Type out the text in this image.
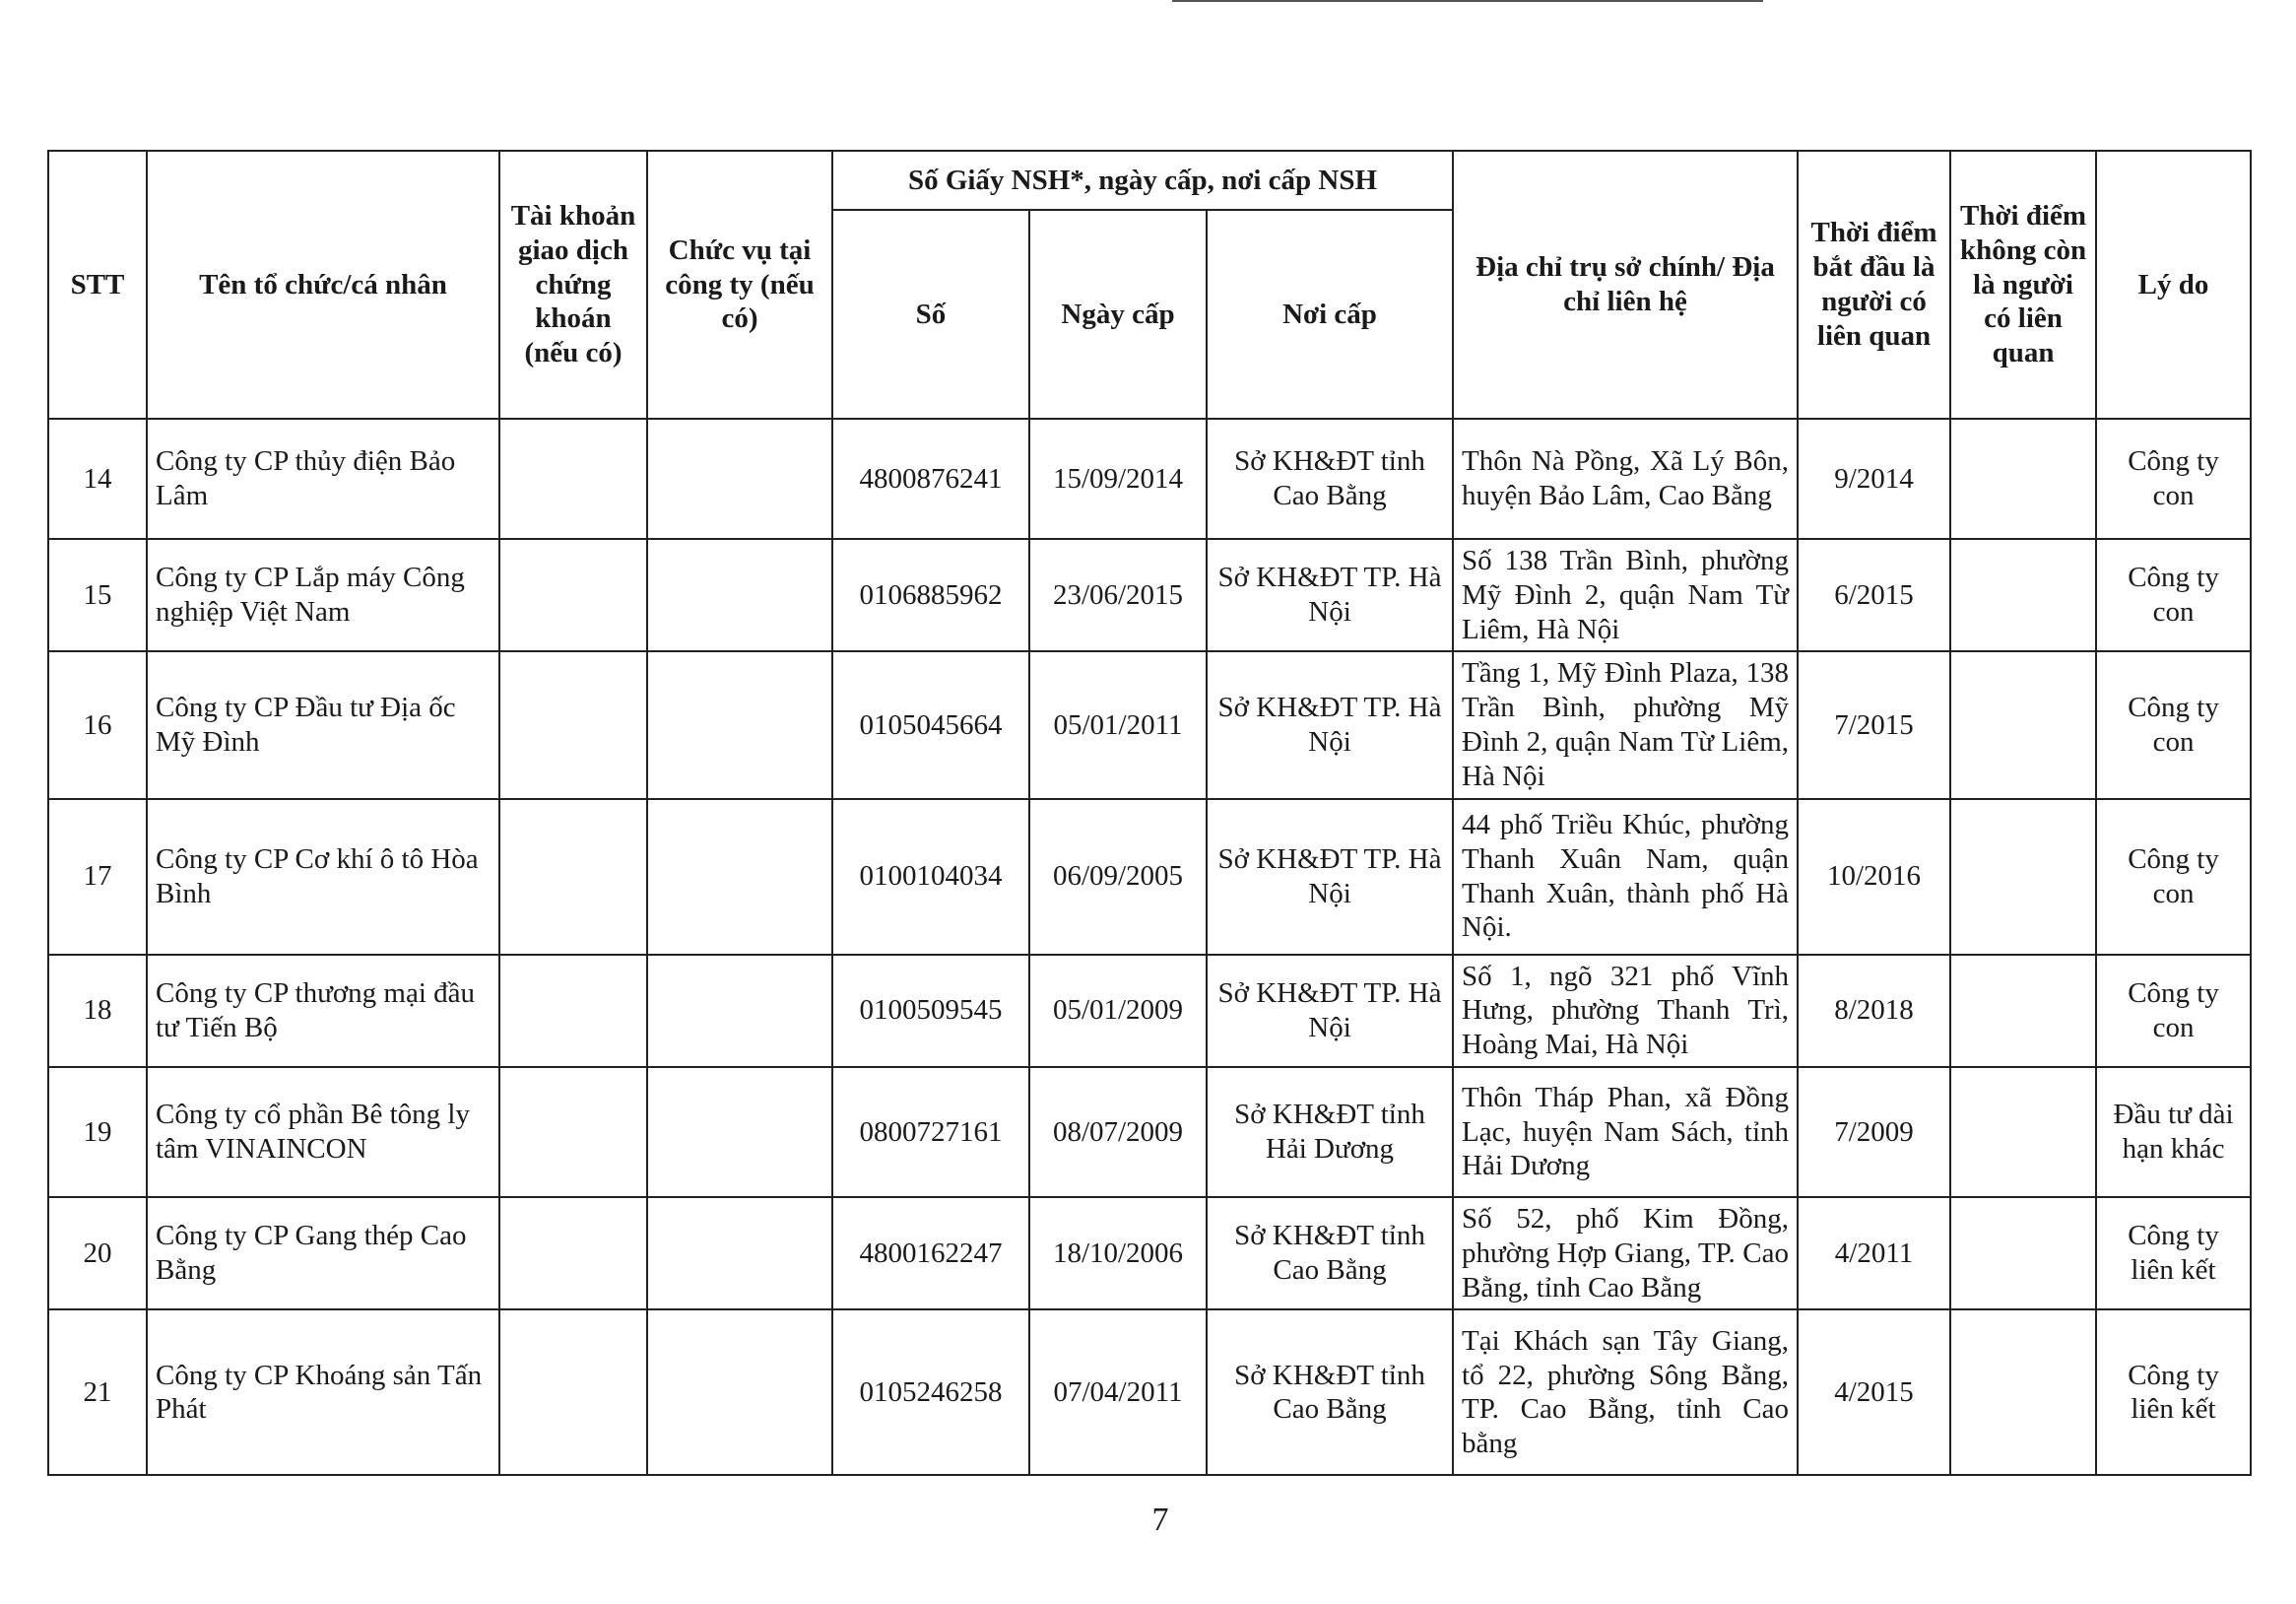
STT	Tên tổ chức/cá nhân	Tài khoản giao dịch chứng khoán (nếu có)	Chức vụ tại công ty (nếu có)	Số Giấy NSH*, ngày cấp, nơi cấp NSH			Địa chỉ trụ sở chính/ Địa chỉ liên hệ	Thời điểm bắt đầu là người có liên quan	Thời điểm không còn là người có liên quan	Lý do
				Số	Ngày cấp	Nơi cấp				
14	Công ty CP thủy điện Bảo Lâm			4800876241	15/09/2014	Sở KH&ĐT tỉnh Cao Bằng	Thôn Nà Pồng, Xã Lý Bôn, huyện Bảo Lâm, Cao Bằng	9/2014		Công ty con
15	Công ty CP Lắp máy Công nghiệp Việt Nam			0106885962	23/06/2015	Sở KH&ĐT TP. Hà Nội	Số 138 Trần Bình, phường Mỹ Đình 2, quận Nam Từ Liêm, Hà Nội	6/2015		Công ty con
16	Công ty CP Đầu tư Địa ốc Mỹ Đình			0105045664	05/01/2011	Sở KH&ĐT TP. Hà Nội	Tầng 1, Mỹ Đình Plaza, 138 Trần Bình, phường Mỹ Đình 2, quận Nam Từ Liêm, Hà Nội	7/2015		Công ty con
17	Công ty CP Cơ khí ô tô Hòa Bình			0100104034	06/09/2005	Sở KH&ĐT TP. Hà Nội	44 phố Triều Khúc, phường Thanh Xuân Nam, quận Thanh Xuân, thành phố Hà Nội.	10/2016		Công ty con
18	Công ty CP thương mại đầu tư Tiến Bộ			0100509545	05/01/2009	Sở KH&ĐT TP. Hà Nội	Số 1, ngõ 321 phố Vĩnh Hưng, phường Thanh Trì, Hoàng Mai, Hà Nội	8/2018		Công ty con
19	Công ty cổ phần Bê tông ly tâm VINAINCON			0800727161	08/07/2009	Sở KH&ĐT tỉnh Hải Dương	Thôn Tháp Phan, xã Đồng Lạc, huyện Nam Sách, tỉnh Hải Dương	7/2009		Đầu tư dài hạn khác
20	Công ty CP Gang thép Cao Bằng			4800162247	18/10/2006	Sở KH&ĐT tỉnh Cao Bằng	Số 52, phố Kim Đồng, phường Hợp Giang, TP. Cao Bằng, tỉnh Cao Bằng	4/2011		Công ty liên kết
21	Công ty CP Khoáng sản Tấn Phát			0105246258	07/04/2011	Sở KH&ĐT tỉnh Cao Bằng	Tại Khách sạn Tây Giang, tổ 22, phường Sông Bằng, TP. Cao Bằng, tỉnh Cao bằng	4/2015		Công ty liên kết
7
